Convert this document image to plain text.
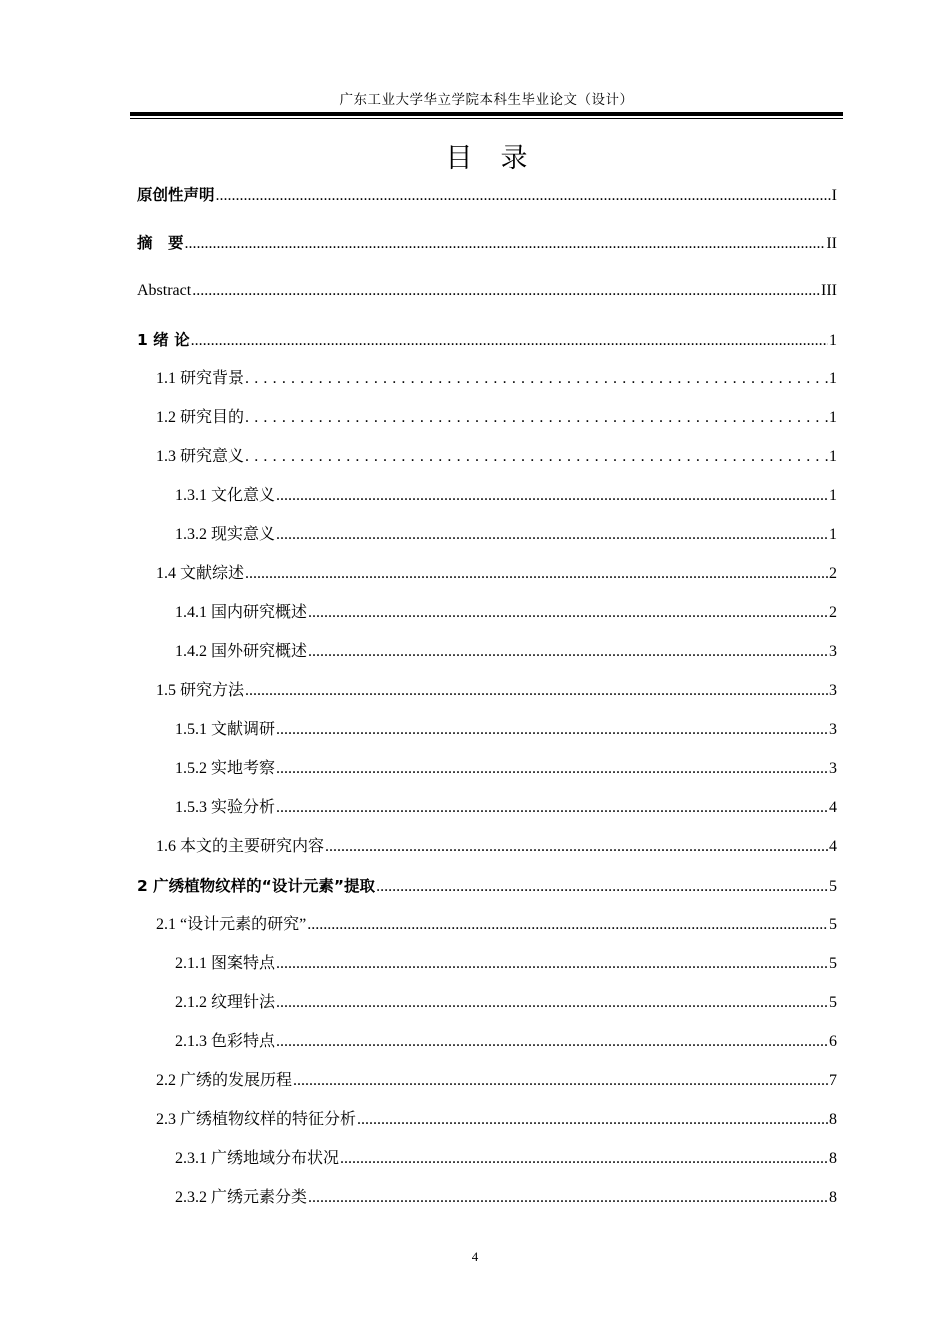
广东工业大学华立学院本科生毕业论文（设计）
目录
原创性声明 .....	I
摘　要 .....	II
Abstract .....	III
1 绪 论 .....	1
1.1 研究背景 .....	1
1.2 研究目的 .....	1
1.3 研究意义 .....	1
1.3.1 文化意义 .....	1
1.3.2 现实意义 .....	1
1.4 文献综述 .....	2
1.4.1 国内研究概述 .....	2
1.4.2 国外研究概述 .....	3
1.5 研究方法 .....	3
1.5.1 文献调研 .....	3
1.5.2 实地考察 .....	3
1.5.3 实验分析 .....	4
1.6 本文的主要研究内容 .....	4
2 广绣植物纹样的“设计元素”提取 .....	5
2.1 “设计元素的研究” .....	5
2.1.1 图案特点 .....	5
2.1.2 纹理针法 .....	5
2.1.3 色彩特点 .....	6
2.2 广绣的发展历程 .....	7
2.3 广绣植物纹样的特征分析 .....	8
2.3.1 广绣地域分布状况 .....	8
2.3.2 广绣元素分类 .....	8
4
